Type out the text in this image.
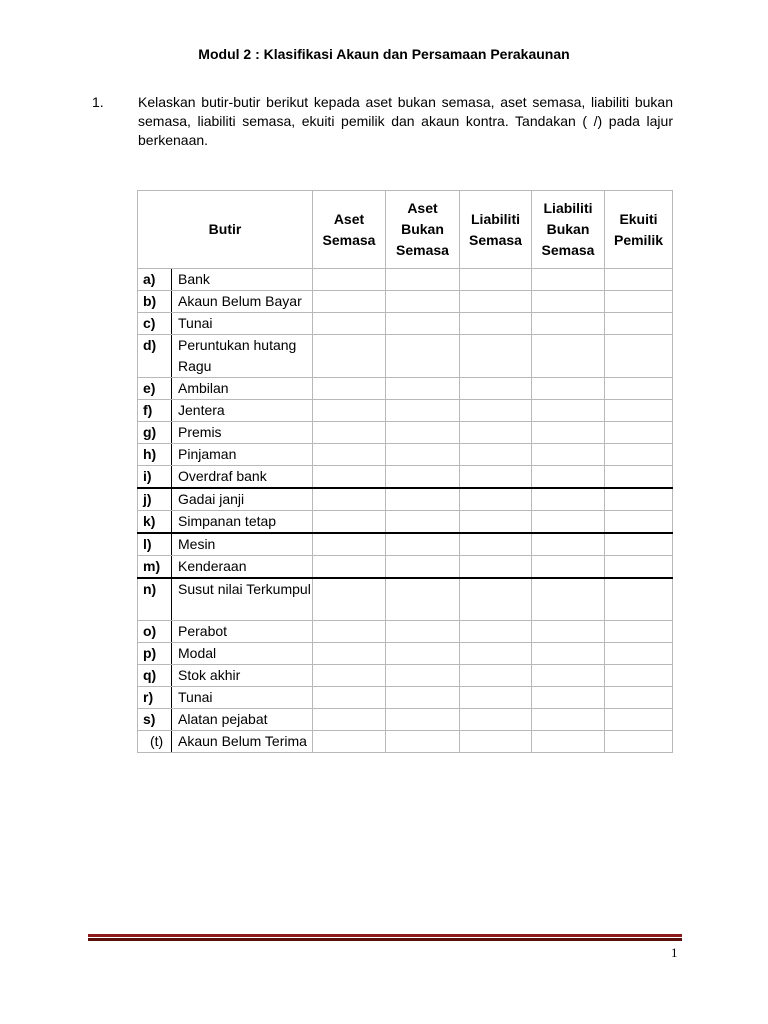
Modul 2 : Klasifikasi Akaun dan Persamaan Perakaunan
1. Kelaskan butir-butir berikut kepada aset bukan semasa, aset semasa, liabiliti bukan semasa, liabiliti semasa, ekuiti pemilik dan akaun kontra. Tandakan ( /) pada lajur berkenaan.
Butir		Aset Semasa	Aset Bukan Semasa	Liabiliti Semasa	Liabiliti Bukan Semasa	Ekuiti Pemilik
a)	Bank					
b)	Akaun Belum Bayar					
c)	Tunai					
d)	Peruntukan hutang Ragu					
e)	Ambilan					
f)	Jentera					
g)	Premis					
h)	Pinjaman					
i)	Overdraf bank					
j)	Gadai janji					
k)	Simpanan tetap					
l)	Mesin					
m)	Kenderaan					
n)	Susut nilai Terkumpul					
o)	Perabot					
p)	Modal					
q)	Stok akhir					
r)	Tunai					
s)	Alatan pejabat					
(t)	Akaun Belum Terima					
1
